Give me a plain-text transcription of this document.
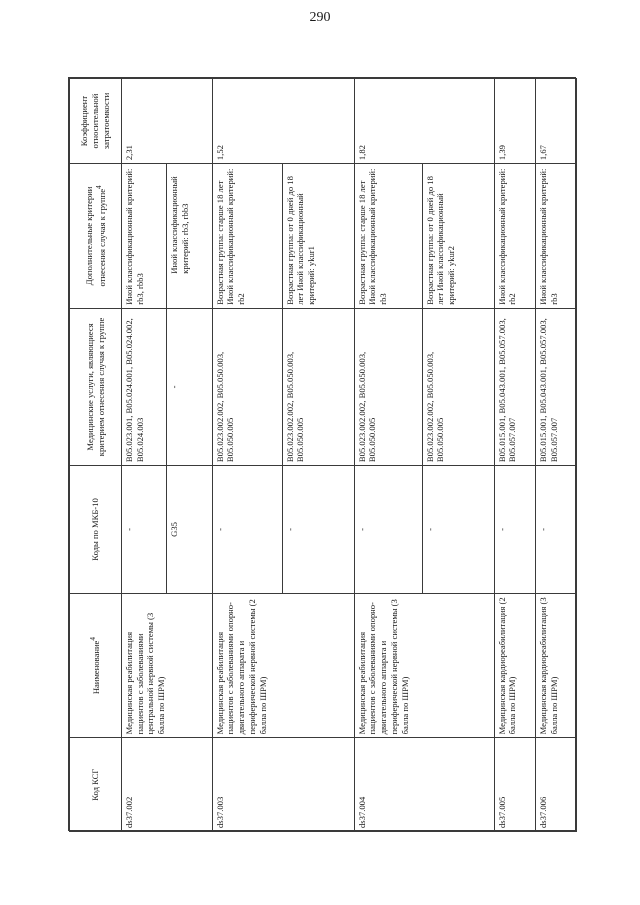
290
Код КСГ	Наименование$^4$	Коды по МКБ-10	Медицинские услуги, являющиеся критерием отнесения случая к группе	Дополнительные критерии отнесения случая к группе$^4$	Коэффициент относительной затратоемкости
ds37.002	Медицинская реабилитация пациентов с заболеваниями центральной нервной системы (3 балла по ШРМ)	-	B05.023.001, B05.024.001, B05.024.002, B05.024.003	Иной классификационный критерий: rb3, rbb3	2,31
		G35	-	Иной классификационный критерий: rb3, rbb3	
ds37.003	Медицинская реабилитация пациентов с заболеваниями опорно-двигательного аппарата и периферической нервной системы (2 балла по ШРМ)	-	B05.023.002.002, B05.050.003, B05.050.005	Возрастная группа: старше 18 лет Иной классификационный критерий: rb2	1,52
		-	B05.023.002.002, B05.050.003, B05.050.005	Возрастная группа: от 0 дней до 18 лет Иной классификационный критерий: ykur1	
ds37.004	Медицинская реабилитация пациентов с заболеваниями опорно-двигательного аппарата и периферической нервной системы (3 балла по ШРМ)	-	B05.023.002.002, B05.050.003, B05.050.005	Возрастная группа: старше 18 лет Иной классификационный критерий: rb3	1,82
		-	B05.023.002.002, B05.050.003, B05.050.005	Возрастная группа: от 0 дней до 18 лет Иной классификационный критерий: ykur2	
ds37.005	Медицинская кардиореабилитация (2 балла по ШРМ)	-	B05.015.001, B05.043.001, B05.057.003, B05.057.007	Иной классификационный критерий: rb2	1,39
ds37.006	Медицинская кардиореабилитация (3 балла по ШРМ)	-	B05.015.001, B05.043.001, B05.057.003, B05.057.007	Иной классификационный критерий: rb3	1,67
